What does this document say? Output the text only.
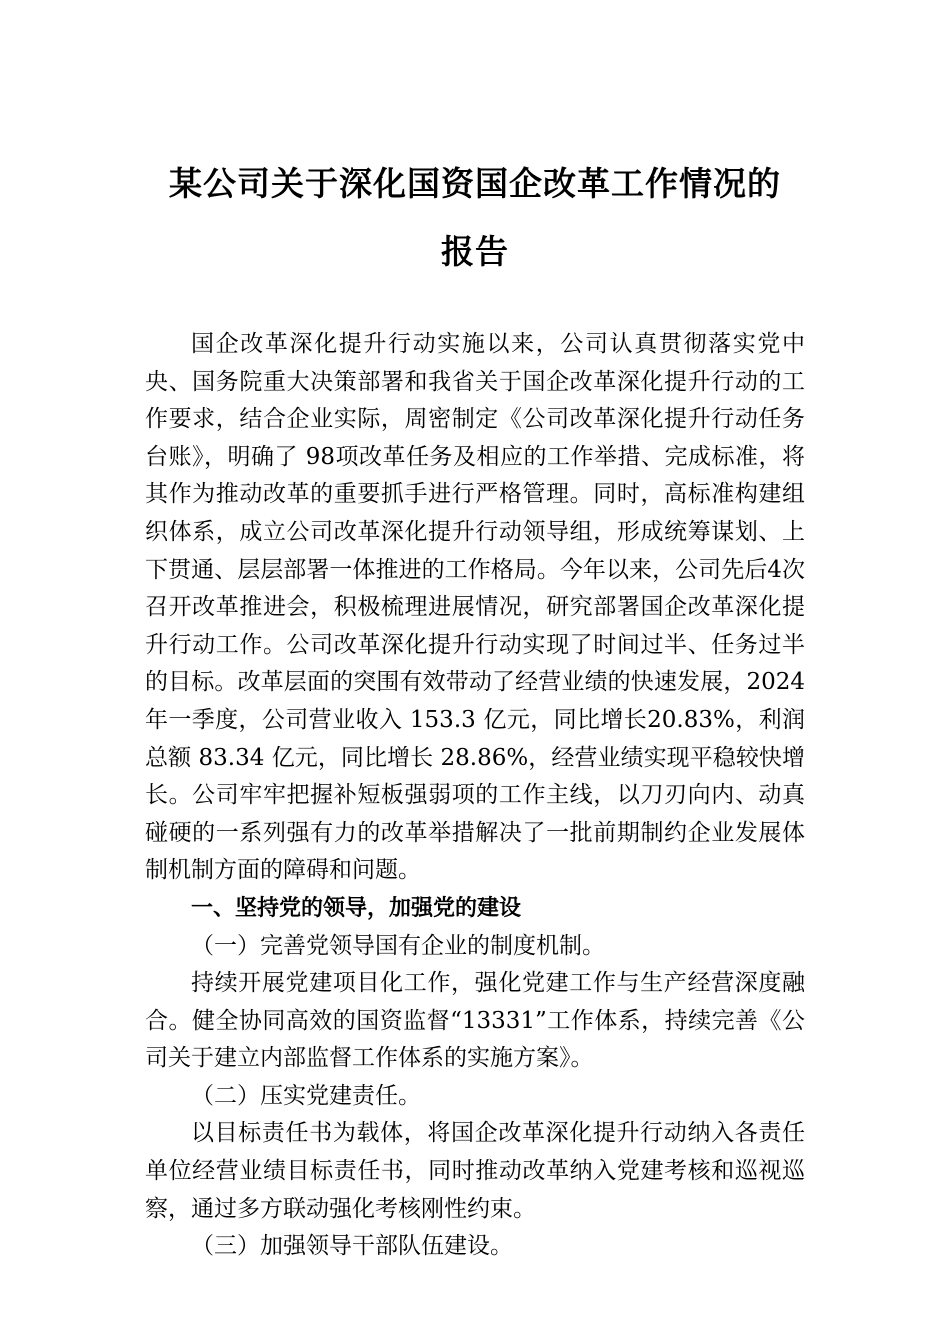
某公司关于深化国资国企改革工作情况的
报告

国企改革深化提升行动实施以来，公司认真贯彻落实党中央、国务院重大决策部署和我省关于国企改革深化提升行动的工作要求，结合企业实际，周密制定《公司改革深化提升行动任务台账》，明确了 98项改革任务及相应的工作举措、完成标准，将其作为推动改革的重要抓手进行严格管理。同时，高标准构建组织体系，成立公司改革深化提升行动领导组，形成统筹谋划、上下贯通、层层部署一体推进的工作格局。今年以来，公司先后4次召开改革推进会，积极梳理进展情况，研究部署国企改革深化提升行动工作。公司改革深化提升行动实现了时间过半、任务过半的目标。改革层面的突围有效带动了经营业绩的快速发展，2024 年一季度，公司营业收入 153.3 亿元，同比增长20.83%，利润总额 83.34 亿元，同比增长 28.86%，经营业绩实现平稳较快增长。公司牢牢把握补短板强弱项的工作主线，以刀刃向内、动真碰硬的一系列强有力的改革举措解决了一批前期制约企业发展体制机制方面的障碍和问题。

一、坚持党的领导，加强党的建设

（一）完善党领导国有企业的制度机制。

持续开展党建项目化工作，强化党建工作与生产经营深度融合。健全协同高效的国资监督“13331”工作体系，持续完善《公司关于建立内部监督工作体系的实施方案》。

（二）压实党建责任。

以目标责任书为载体，将国企改革深化提升行动纳入各责任单位经营业绩目标责任书，同时推动改革纳入党建考核和巡视巡察，通过多方联动强化考核刚性约束。

（三）加强领导干部队伍建设。
